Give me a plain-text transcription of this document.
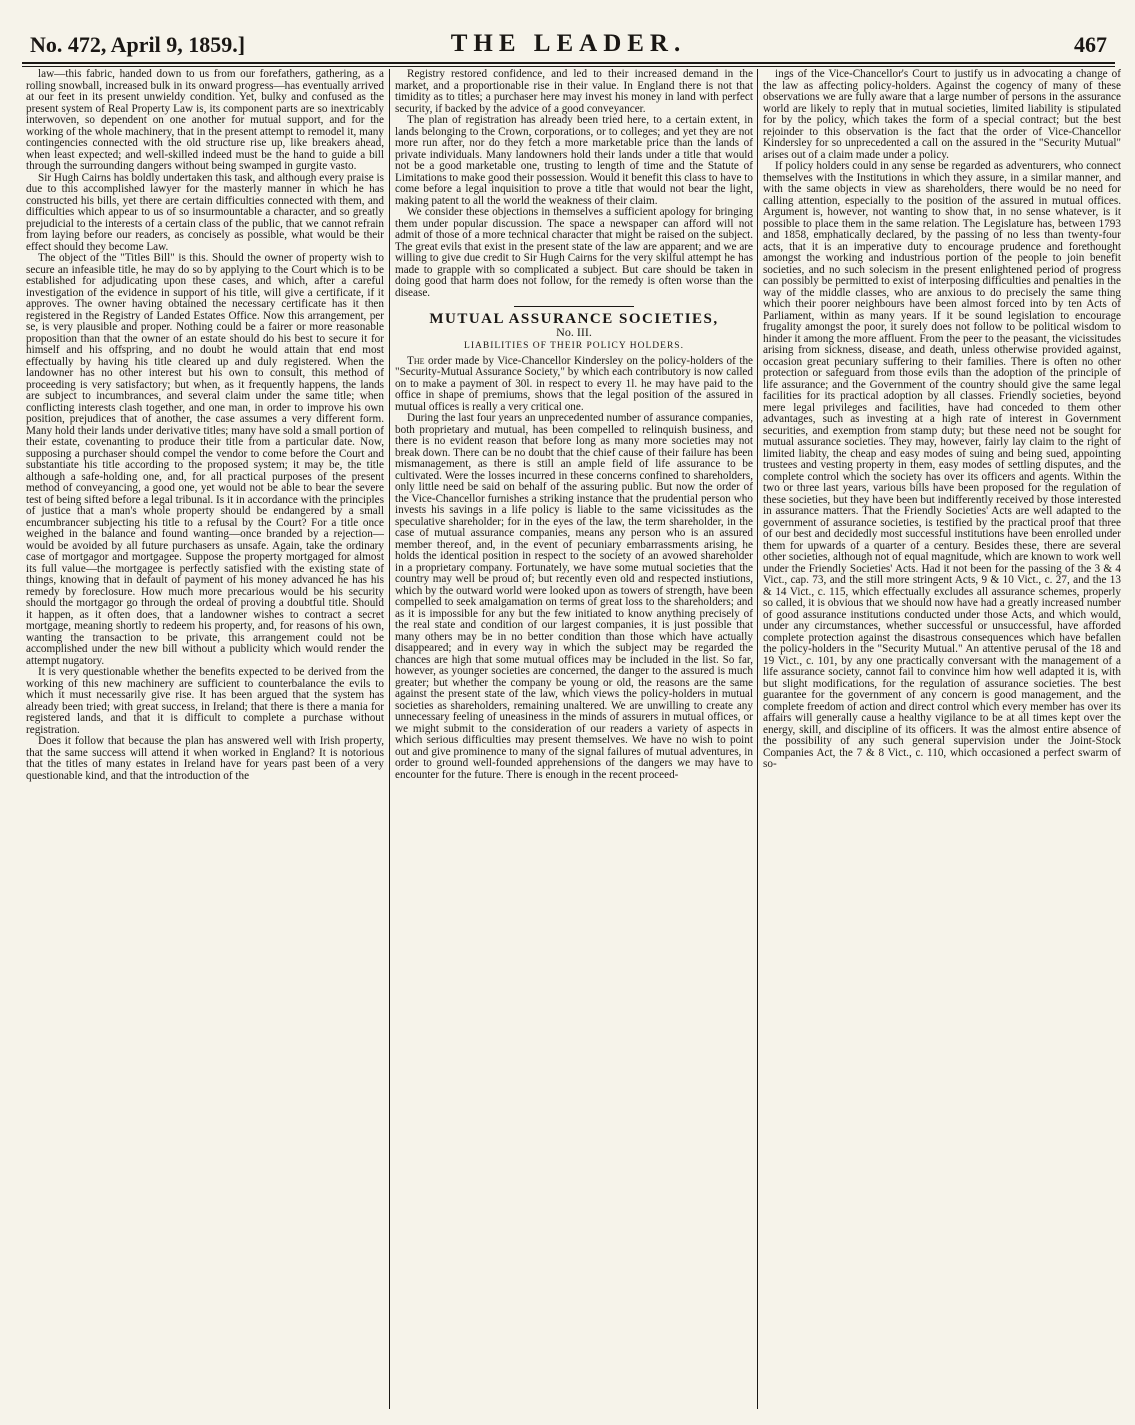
No. 472, April 9, 1859.]	THE LEADER.	467

law—this fabric, handed down to us from our forefathers, gathering, as a rolling snowball, increased bulk in its onward progress—has eventually arrived at our feet in its present unwieldy condition. Yet, bulky and confused as the present system of Real Property Law is, its component parts are so inextricably interwoven, so dependent on one another for mutual support, and for the working of the whole machinery, that in the present attempt to remodel it, many contingencies connected with the old structure rise up, like breakers ahead, when least expected; and well-skilled indeed must be the hand to guide a bill through the surrounding dangers without being swamped in gurgite vasto.

Sir Hugh Cairns has boldly undertaken this task, and although every praise is due to this accomplished lawyer for the masterly manner in which he has constructed his bills, yet there are certain difficulties connected with them, and difficulties which appear to us of so insurmountable a character, and so greatly prejudicial to the interests of a certain class of the public, that we cannot refrain from laying before our readers, as concisely as possible, what would be their effect should they become Law.

The object of the "Titles Bill" is this. Should the owner of property wish to secure an infeasible title, he may do so by applying to the Court which is to be established for adjudicating upon these cases, and which, after a careful investigation of the evidence in support of his title, will give a certificate, if it approves. The owner having obtained the necessary certificate has it then registered in the Registry of Landed Estates Office. Now this arrangement, per se, is very plausible and proper. Nothing could be a fairer or more reasonable proposition than that the owner of an estate should do his best to secure it for himself and his offspring, and no doubt he would attain that end most effectually by having his title cleared up and duly registered. When the landowner has no other interest but his own to consult, this method of proceeding is very satisfactory; but when, as it frequently happens, the lands are subject to incumbrances, and several claim under the same title; when conflicting interests clash together, and one man, in order to improve his own position, prejudices that of another, the case assumes a very different form. Many hold their lands under derivative titles; many have sold a small portion of their estate, covenanting to produce their title from a particular date. Now, supposing a purchaser should compel the vendor to come before the Court and substantiate his title according to the proposed system; it may be, the title although a safe-holding one, and, for all practical purposes of the present method of conveyancing, a good one, yet would not be able to bear the severe test of being sifted before a legal tribunal. Is it in accordance with the principles of justice that a man's whole property should be endangered by a small encumbrancer subjecting his title to a refusal by the Court? For a title once weighed in the balance and found wanting—once branded by a rejection—would be avoided by all future purchasers as unsafe. Again, take the ordinary case of mortgagor and mortgagee. Suppose the property mortgaged for almost its full value—the mortgagee is perfectly satisfied with the existing state of things, knowing that in default of payment of his money advanced he has his remedy by foreclosure. How much more precarious would be his security should the mortgagor go through the ordeal of proving a doubtful title. Should it happen, as it often does, that a landowner wishes to contract a secret mortgage, meaning shortly to redeem his property, and, for reasons of his own, wanting the transaction to be private, this arrangement could not be accomplished under the new bill without a publicity which would render the attempt nugatory.

It is very questionable whether the benefits expected to be derived from the working of this new machinery are sufficient to counterbalance the evils to which it must necessarily give rise. It has been argued that the system has already been tried; with great success, in Ireland; that there is there a mania for registered lands, and that it is difficult to complete a purchase without registration.

Does it follow that because the plan has answered well with Irish property, that the same success will attend it when worked in England? It is notorious that the titles of many estates in Ireland have for years past been of a very questionable kind, and that the introduction of the

Registry restored confidence, and led to their increased demand in the market, and a proportionable rise in their value. In England there is not that timidity as to titles; a purchaser here may invest his money in land with perfect security, if backed by the advice of a good conveyancer.

The plan of registration has already been tried here, to a certain extent, in lands belonging to the Crown, corporations, or to colleges; and yet they are not more run after, nor do they fetch a more marketable price than the lands of private individuals. Many landowners hold their lands under a title that would not be a good marketable one, trusting to length of time and the Statute of Limitations to make good their possession. Would it benefit this class to have to come before a legal inquisition to prove a title that would not bear the light, making patent to all the world the weakness of their claim.

We consider these objections in themselves a sufficient apology for bringing them under popular discussion. The space a newspaper can afford will not admit of those of a more technical character that might be raised on the subject. The great evils that exist in the present state of the law are apparent; and we are willing to give due credit to Sir Hugh Cairns for the very skilful attempt he has made to grapple with so complicated a subject. But care should be taken in doing good that harm does not follow, for the remedy is often worse than the disease.

MUTUAL ASSURANCE SOCIETIES,
No. III.
LIABILITIES OF THEIR POLICY HOLDERS.

The order made by Vice-Chancellor Kindersley on the policy-holders of the "Security-Mutual Assurance Society," by which each contributory is now called on to make a payment of 30l. in respect to every 1l. he may have paid to the office in shape of premiums, shows that the legal position of the assured in mutual offices is really a very critical one.

During the last four years an unprecedented number of assurance companies, both proprietary and mutual, has been compelled to relinquish business, and there is no evident reason that before long as many more societies may not break down. There can be no doubt that the chief cause of their failure has been mismanagement, as there is still an ample field of life assurance to be cultivated. Were the losses incurred in these concerns confined to shareholders, only little need be said on behalf of the assuring public. But now the order of the Vice-Chancellor furnishes a striking instance that the prudential person who invests his savings in a life policy is liable to the same vicissitudes as the speculative shareholder; for in the eyes of the law, the term shareholder, in the case of mutual assurance companies, means any person who is an assured member thereof, and, in the event of pecuniary embarrassments arising, he holds the identical position in respect to the society of an avowed shareholder in a proprietary company. Fortunately, we have some mutual societies that the country may well be proud of; but recently even old and respected instiutions, which by the outward world were looked upon as towers of strength, have been compelled to seek amalgamation on terms of great loss to the shareholders; and as it is impossible for any but the few initiated to know anything precisely of the real state and condition of our largest companies, it is just possible that many others may be in no better condition than those which have actually disappeared; and in every way in which the subject may be regarded the chances are high that some mutual offices may be included in the list. So far, however, as younger societies are concerned, the danger to the assured is much greater; but whether the company be young or old, the reasons are the same against the present state of the law, which views the policy-holders in mutual societies as shareholders, remaining unaltered. We are unwilling to create any unnecessary feeling of uneasiness in the minds of assurers in mutual offices, or we might submit to the consideration of our readers a variety of aspects in which serious difficulties may present themselves. We have no wish to point out and give prominence to many of the signal failures of mutual adventures, in order to ground well-founded apprehensions of the dangers we may have to encounter for the future. There is enough in the recent proceed-

ings of the Vice-Chancellor's Court to justify us in advocating a change of the law as affecting policy-holders. Against the cogency of many of these observations we are fully aware that a large number of persons in the assurance world are likely to reply that in mutual societies, limited liability is stipulated for by the policy, which takes the form of a special contract; but the best rejoinder to this observation is the fact that the order of Vice-Chancellor Kindersley for so unprecedented a call on the assured in the "Security Mutual" arises out of a claim made under a policy.

If policy holders could in any sense be regarded as adventurers, who connect themselves with the Institutions in which they assure, in a similar manner, and with the same objects in view as shareholders, there would be no need for calling attention, especially to the position of the assured in mutual offices. Argument is, however, not wanting to show that, in no sense whatever, is it possible to place them in the same relation. The Legislature has, between 1793 and 1858, emphatically declared, by the passing of no less than twenty-four acts, that it is an imperative duty to encourage prudence and forethought amongst the working and industrious portion of the people to join benefit societies, and no such solecism in the present enlightened period of progress can possibly be permitted to exist of interposing difficulties and penalties in the way of the middle classes, who are anxious to do precisely the same thing which their poorer neighbours have been almost forced into by ten Acts of Parliament, within as many years. If it be sound legislation to encourage frugality amongst the poor, it surely does not follow to be political wisdom to hinder it among the more affluent. From the peer to the peasant, the vicissitudes arising from sickness, disease, and death, unless otherwise provided against, occasion great pecuniary suffering to their families. There is often no other protection or safeguard from those evils than the adoption of the principle of life assurance; and the Government of the country should give the same legal facilities for its practical adoption by all classes. Friendly societies, beyond mere legal privileges and facilities, have had conceded to them other advantages, such as investing at a high rate of interest in Government securities, and exemption from stamp duty; but these need not be sought for mutual assurance societies. They may, however, fairly lay claim to the right of limited liabity, the cheap and easy modes of suing and being sued, appointing trustees and vesting property in them, easy modes of settling disputes, and the complete control which the society has over its officers and agents. Within the two or three last years, various bills have been proposed for the regulation of these societies, but they have been but indifferently received by those interested in assurance matters. That the Friendly Societies' Acts are well adapted to the government of assurance societies, is testified by the practical proof that three of our best and decidedly most successful institutions have been enrolled under them for upwards of a quarter of a century. Besides these, there are several other societies, although not of equal magnitude, which are known to work well under the Friendly Societies' Acts. Had it not been for the passing of the 3 & 4 Vict., cap. 73, and the still more stringent Acts, 9 & 10 Vict., c. 27, and the 13 & 14 Vict., c. 115, which effectually excludes all assurance schemes, properly so called, it is obvious that we should now have had a greatly increased number of good assurance institutions conducted under those Acts, and which would, under any circumstances, whether successful or unsuccessful, have afforded complete protection against the disastrous consequences which have befallen the policy-holders in the "Security Mutual." An attentive perusal of the 18 and 19 Vict., c. 101, by any one practically conversant with the management of a life assurance society, cannot fail to convince him how well adapted it is, with but slight modifications, for the regulation of assurance societies. The best guarantee for the government of any concern is good management, and the complete freedom of action and direct control which every member has over its affairs will generally cause a healthy vigilance to be at all times kept over the energy, skill, and discipline of its officers. It was the almost entire absence of the possibility of any such general supervision under the Joint-Stock Companies Act, the 7 & 8 Vict., c. 110, which occasioned a perfect swarm of so-
